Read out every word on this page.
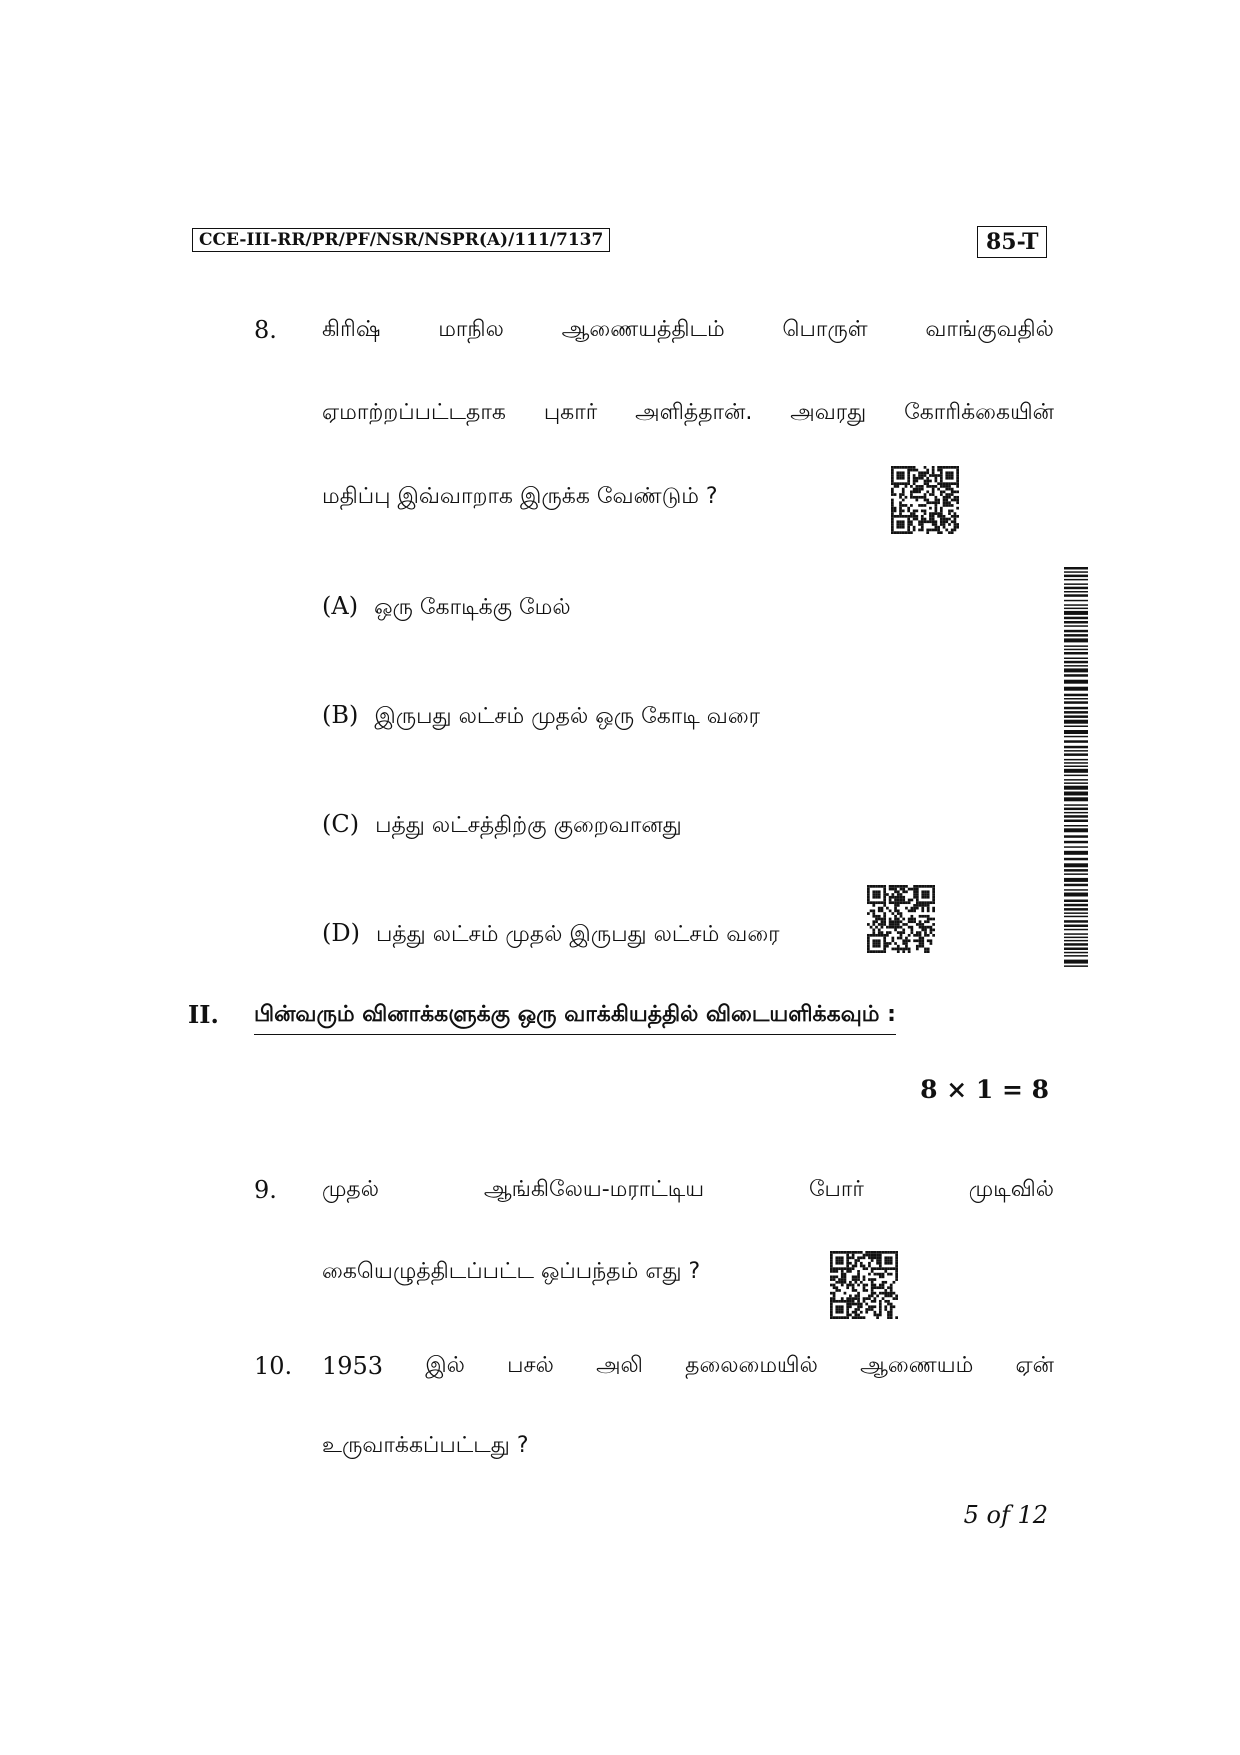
CCE-III-RR/PR/PF/NSR/NSPR(A)/111/7137	85-T
8. கிரிஷ்	மாநில	ஆணையத்திடம்	பொருள்	வாங்குவதில்
ஏமாற்றப்பட்டதாக புகார் அளித்தான். அவரது கோரிக்கையின்
மதிப்பு இவ்வாறாக இருக்க வேண்டும் ?
(A) ஒரு கோடிக்கு மேல்
(B) இருபது லட்சம் முதல் ஒரு கோடி வரை
(C) பத்து லட்சத்திற்கு குறைவானது
(D) பத்து லட்சம் முதல் இருபது லட்சம் வரை
II. பின்வரும் வினாக்களுக்கு ஒரு வாக்கியத்தில் விடையளிக்கவும் :
8 × 1 = 8
9. முதல்	ஆங்கிலேய-மராட்டிய	போர்	முடிவில்
கையெழுத்திடப்பட்ட ஒப்பந்தம் எது ?
10. 1953 இல் பசல் அலி தலைமையில் ஆணையம் ஏன்
உருவாக்கப்பட்டது ?
5 of 12
